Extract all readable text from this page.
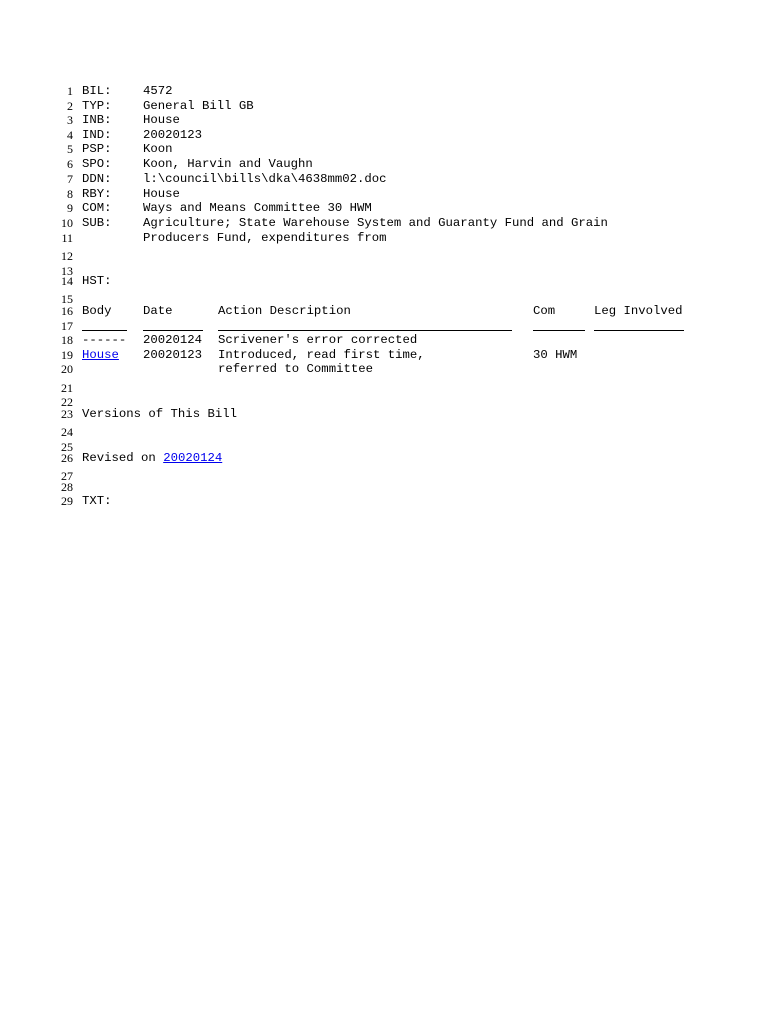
1
2
3
4
5
6
7
8
9
10
11
12
13
14
15
16
17
18
19
20
21
22
23
24
25
26
27
28
29
BIL:	4572
TYP:	General Bill GB
INB:	House
IND:	20020123
PSP:	Koon
SPO:	Koon, Harvin and Vaughn
DDN:	l:\council\bills\dka\4638mm02.doc
RBY:	House
COM:	Ways and Means Committee 30 HWM
SUB:	Agriculture; State Warehouse System and Guaranty Fund and Grain
Producers Fund, expenditures from
HST:
Body	Date	Action Description	Com	Leg Involved
------ 20020124 Scrivener's error corrected
House 20020123 Introduced, read first time,	30 HWM
referred to Committee
Versions of This Bill
Revised on 20020124
TXT:
